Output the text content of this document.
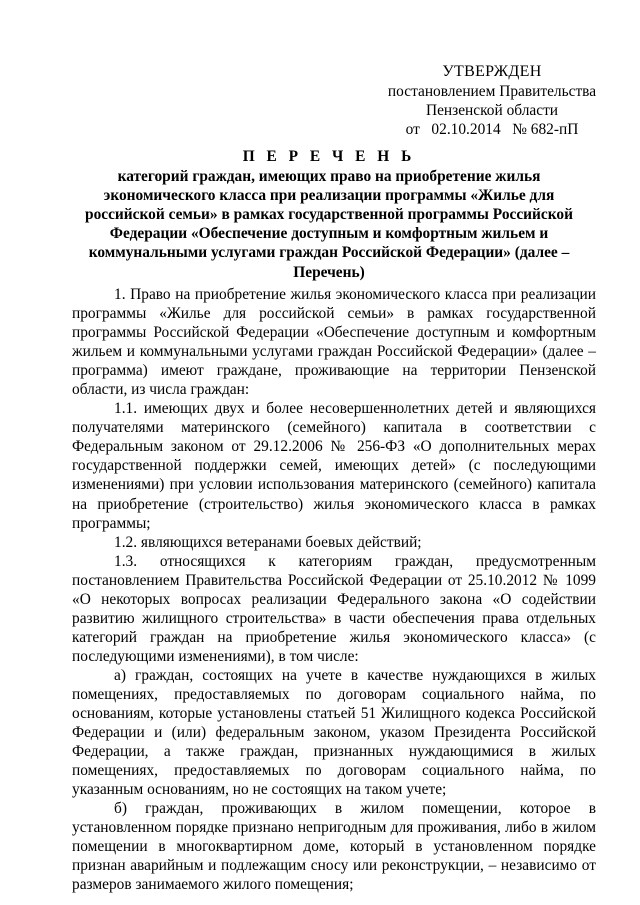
УТВЕРЖДЕН
постановлением Правительства
Пензенской области
от   02.10.2014   № 682-пП
П Е Р Е Ч Е Н Ь
категорий граждан, имеющих право на приобретение жилья экономического класса при реализации программы «Жилье для российской семьи» в рамках государственной программы Российской Федерации «Обеспечение доступным и комфортным жильем и коммунальными услугами граждан Российской Федерации» (далее – Перечень)

1. Право на приобретение жилья экономического класса при реализации программы «Жилье для российской семьи» в рамках государственной программы Российской Федерации «Обеспечение доступным и комфортным жильем и коммунальными услугами граждан Российской Федерации» (далее – программа) имеют граждане, проживающие на территории Пензенской области, из числа граждан:

1.1. имеющих двух и более несовершеннолетних детей и являющихся получателями материнского (семейного) капитала в соответствии с Федеральным законом от 29.12.2006 № 256-ФЗ «О дополнительных мерах государственной поддержки семей, имеющих детей» (с последующими изменениями) при условии использования материнского (семейного) капитала на приобретение (строительство) жилья экономического класса в рамках программы;

1.2. являющихся ветеранами боевых действий;

1.3. относящихся к категориям граждан, предусмотренным постановлением Правительства Российской Федерации от 25.10.2012 № 1099 «О некоторых вопросах реализации Федерального закона «О содействии развитию жилищного строительства» в части обеспечения права отдельных категорий граждан на приобретение жилья экономического класса» (с последующими изменениями), в том числе:

а) граждан, состоящих на учете в качестве нуждающихся в жилых помещениях, предоставляемых по договорам социального найма, по основаниям, которые установлены статьей 51 Жилищного кодекса Российской Федерации и (или) федеральным законом, указом Президента Российской Федерации, а также граждан, признанных нуждающимися в жилых помещениях, предоставляемых по договорам социального найма, по указанным основаниям, но не состоящих на таком учете;

б) граждан, проживающих в жилом помещении, которое в установленном порядке признано непригодным для проживания, либо в жилом помещении в многоквартирном доме, который в установленном порядке признан аварийным и подлежащим сносу или реконструкции, – независимо от размеров занимаемого жилого помещения;
